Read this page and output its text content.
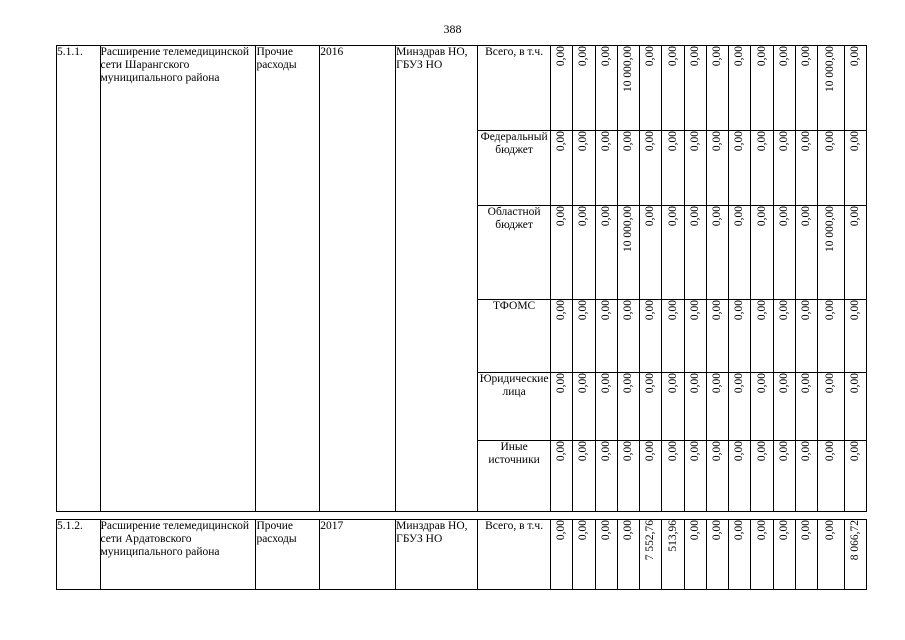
388
5.1.1.	Расширение телемедицинской сети Шарангского муниципального района	Прочие расходы	2016	Минздрав НО, ГБУЗ НО	Всего, в т.ч.	0,00	0,00	0,00	10 000,00	0,00	0,00	0,00	0,00	0,00	0,00	0,00	0,00	10 000,00	0,00

					Федеральный бюджет	0,00	0,00	0,00	0,00	0,00	0,00	0,00	0,00	0,00	0,00	0,00	0,00	0,00	0,00

					Областной бюджет	0,00	0,00	0,00	10 000,00	0,00	0,00	0,00	0,00	0,00	0,00	0,00	0,00	10 000,00	0,00

					ТФОМС	0,00	0,00	0,00	0,00	0,00	0,00	0,00	0,00	0,00	0,00	0,00	0,00	0,00	0,00

					Юридические лица	0,00	0,00	0,00	0,00	0,00	0,00	0,00	0,00	0,00	0,00	0,00	0,00	0,00	0,00

					Иные источники	0,00	0,00	0,00	0,00	0,00	0,00	0,00	0,00	0,00	0,00	0,00	0,00	0,00	0,00

5.1.2.	Расширение телемедицинской сети Ардатовского муниципального района	Прочие расходы	2017	Минздрав НО, ГБУЗ НО	Всего, в т.ч.	0,00	0,00	0,00	0,00	7 552,76	513,96	0,00	0,00	0,00	0,00	0,00	0,00	0,00	8 066,72
